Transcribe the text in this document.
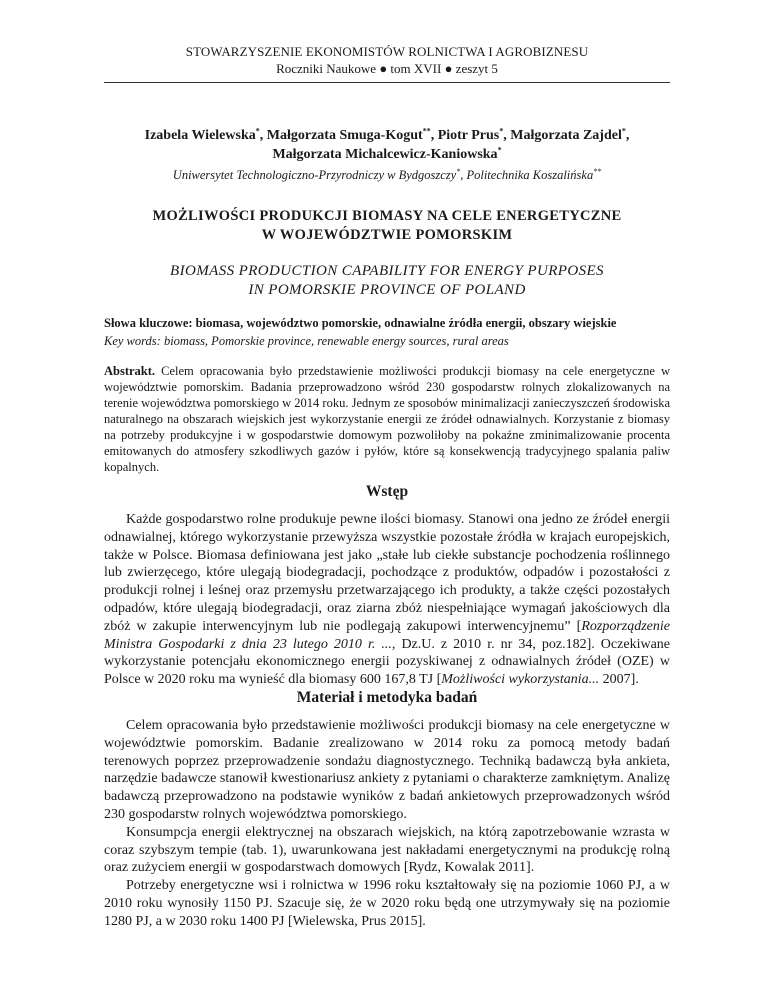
STOWARZYSZENIE EKONOMISTÓW ROLNICTWA I AGROBIZNESU
Roczniki Naukowe ● tom XVII ● zeszyt 5
Izabela Wielewska*, Małgorzata Smuga-Kogut**, Piotr Prus*, Małgorzata Zajdel*,
Małgorzata Michalcewicz-Kaniowska*
Uniwersytet Technologiczno-Przyrodniczy w Bydgoszczy*, Politechnika Koszalińska**
MOŻLIWOŚCI PRODUKCJI BIOMASY NA CELE ENERGETYCZNE
W WOJEWÓDZTWIE POMORSKIM
BIOMASS PRODUCTION CAPABILITY FOR ENERGY PURPOSES
IN POMORSKIE PROVINCE OF POLAND
Słowa kluczowe: biomasa, województwo pomorskie, odnawialne źródła energii, obszary wiejskie
Key words: biomass, Pomorskie province, renewable energy sources, rural areas
Abstrakt. Celem opracowania było przedstawienie możliwości produkcji biomasy na cele energetyczne w województwie pomorskim. Badania przeprowadzono wśród 230 gospodarstw rolnych zlokalizowanych na terenie województwa pomorskiego w 2014 roku. Jednym ze sposobów minimalizacji zanieczyszczeń środowiska naturalnego na obszarach wiejskich jest wykorzystanie energii ze źródeł odnawialnych. Korzystanie z biomasy na potrzeby produkcyjne i w gospodarstwie domowym pozwoliłoby na pokaźne zminimalizowanie procenta emitowanych do atmosfery szkodliwych gazów i pyłów, które są konsekwencją tradycyjnego spalania paliw kopalnych.
Wstęp

Każde gospodarstwo rolne produkuje pewne ilości biomasy. Stanowi ona jedno ze źródeł energii odnawialnej, którego wykorzystanie przewyższa wszystkie pozostałe źródła w krajach europejskich, także w Polsce. Biomasa definiowana jest jako „stałe lub ciekłe substancje pochodzenia roślinnego lub zwierzęcego, które ulegają biodegradacji, pochodzące z produktów, odpadów i pozostałości z produkcji rolnej i leśnej oraz przemysłu przetwarzającego ich produkty, a także części pozostałych odpadów, które ulegają biodegradacji, oraz ziarna zbóż niespełniające wymagań jakościowych dla zbóż w zakupie interwencyjnym lub nie podlegają zakupowi interwencyjnemu” [Rozporządzenie Ministra Gospodarki z dnia 23 lutego 2010 r. ..., Dz.U. z 2010 r. nr 34, poz.182]. Oczekiwane wykorzystanie potencjału ekonomicznego energii pozyskiwanej z odnawialnych źródeł (OZE) w Polsce w 2020 roku ma wynieść dla biomasy 600 167,8 TJ [Możliwości wykorzystania... 2007].

Materiał i metodyka badań

Celem opracowania było przedstawienie możliwości produkcji biomasy na cele energetyczne w województwie pomorskim. Badanie zrealizowano w 2014 roku za pomocą metody badań terenowych poprzez przeprowadzenie sondażu diagnostycznego. Techniką badawczą była ankieta, narzędzie badawcze stanowił kwestionariusz ankiety z pytaniami o charakterze zamkniętym. Analizę badawczą przeprowadzono na podstawie wyników z badań ankietowych przeprowadzonych wśród 230 gospodarstw rolnych województwa pomorskiego.

Konsumpcja energii elektrycznej na obszarach wiejskich, na którą zapotrzebowanie wzrasta w coraz szybszym tempie (tab. 1), uwarunkowana jest nakładami energetycznymi na produkcję rolną oraz zużyciem energii w gospodarstwach domowych [Rydz, Kowalak 2011].

Potrzeby energetyczne wsi i rolnictwa w 1996 roku kształtowały się na poziomie 1060 PJ, a w 2010 roku wynosiły 1150 PJ. Szacuje się, że w 2020 roku będą one utrzymywały się na poziomie 1280 PJ, a w 2030 roku 1400 PJ [Wielewska, Prus 2015].
